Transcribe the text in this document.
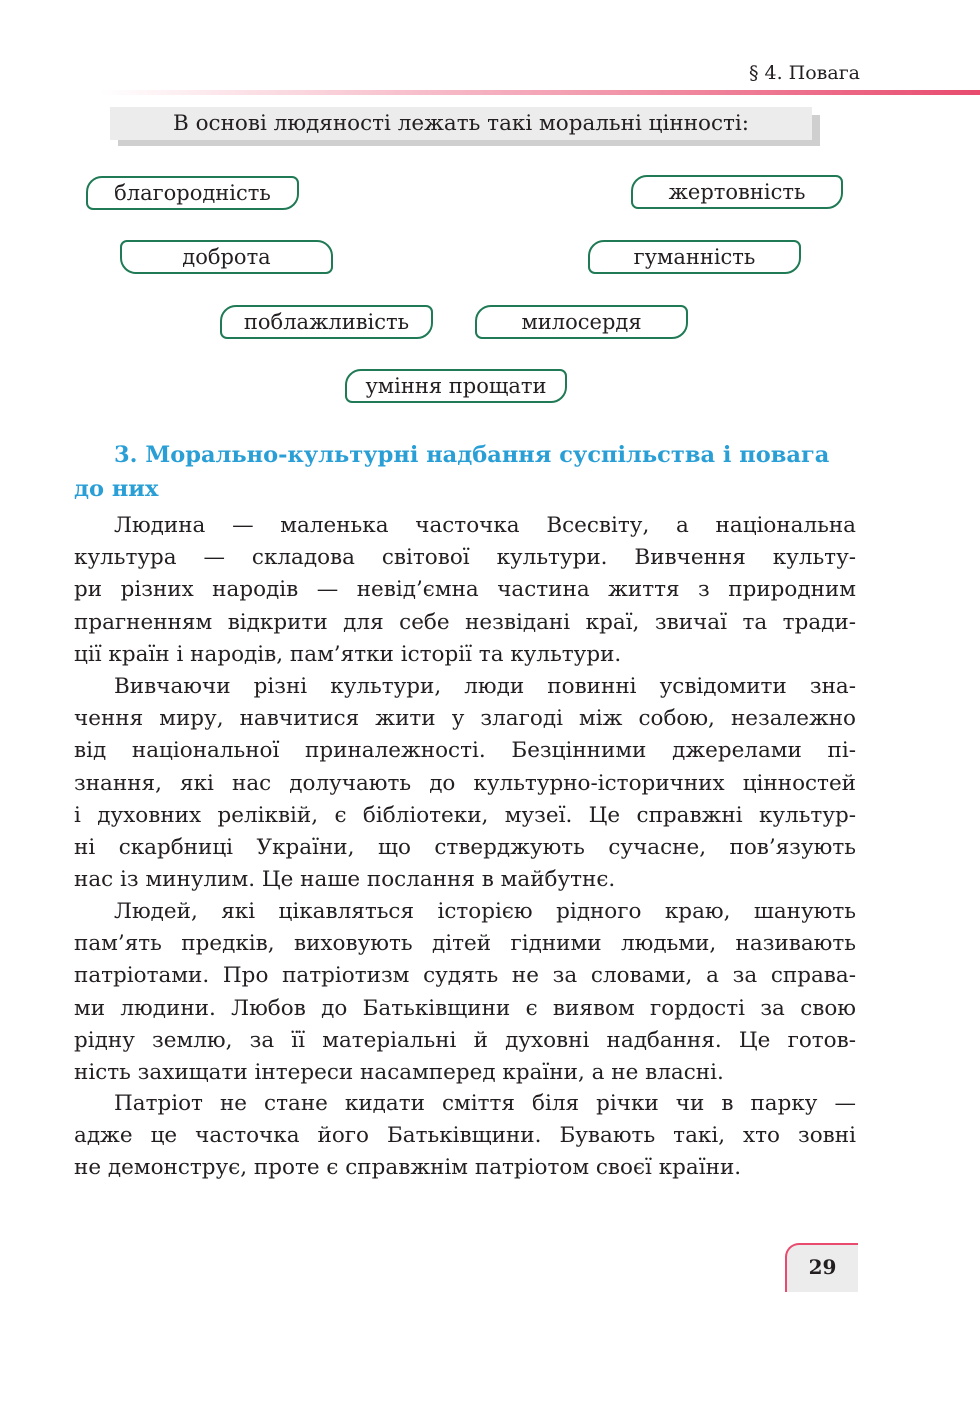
§ 4. Повага
В основі людяності лежать такі моральні цінності:
благородність	жертовність
доброта	гуманність
поблажливість	милосердя
уміння прощати
3. Морально-культурні надбання суспільства і повага
до них
Людина — маленька часточка Всесвіту, а національна
культура — складова світової культури. Вивчення культу-
ри різних народів — невід’ємна частина життя з природним
прагненням відкрити для себе незвідані краї, звичаї та тради-
ції країн і народів, пам’ятки історії та культури.
Вивчаючи різні культури, люди повинні усвідомити зна-
чення миру, навчитися жити у злагоді між собою, незалежно
від національної приналежності. Безцінними джерелами пі-
знання, які нас долучають до культурно-історичних цінностей
і духовних реліквій, є бібліотеки, музеї. Це справжні культур-
ні скарбниці України, що стверджують сучасне, пов’язують
нас із минулим. Це наше послання в майбутнє.
Людей, які цікавляться історією рідного краю, шанують
пам’ять предків, виховують дітей гідними людьми, називають
патріотами. Про патріотизм судять не за словами, а за справа-
ми людини. Любов до Батьківщини є виявом гордості за свою
рідну землю, за її матеріальні й духовні надбання. Це готов-
ність захищати інтереси насамперед країни, а не власні.
Патріот не стане кидати сміття біля річки чи в парку —
адже це часточка його Батьківщини. Бувають такі, хто зовні
не демонструє, проте є справжнім патріотом своєї країни.
29
